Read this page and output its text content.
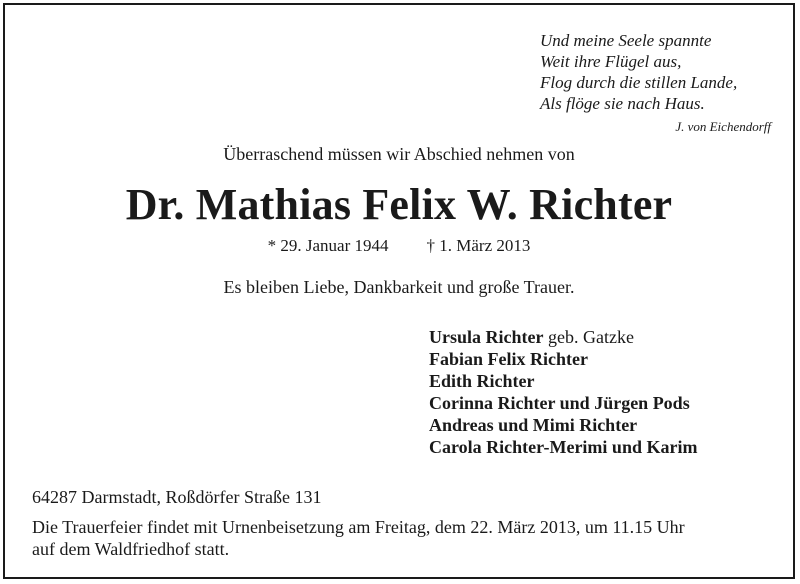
Und meine Seele spannte
Weit ihre Flügel aus,
Flog durch die stillen Lande,
Als flöge sie nach Haus.
J. von Eichendorff
Überraschend müssen wir Abschied nehmen von
Dr. Mathias Felix W. Richter
* 29. Januar 1944 † 1. März 2013
Es bleiben Liebe, Dankbarkeit und große Trauer.
Ursula Richter geb. Gatzke
Fabian Felix Richter
Edith Richter
Corinna Richter und Jürgen Pods
Andreas und Mimi Richter
Carola Richter-Merimi und Karim
64287 Darmstadt, Roßdörfer Straße 131
Die Trauerfeier findet mit Urnenbeisetzung am Freitag, dem 22. März 2013, um 11.15 Uhr
auf dem Waldfriedhof statt.
